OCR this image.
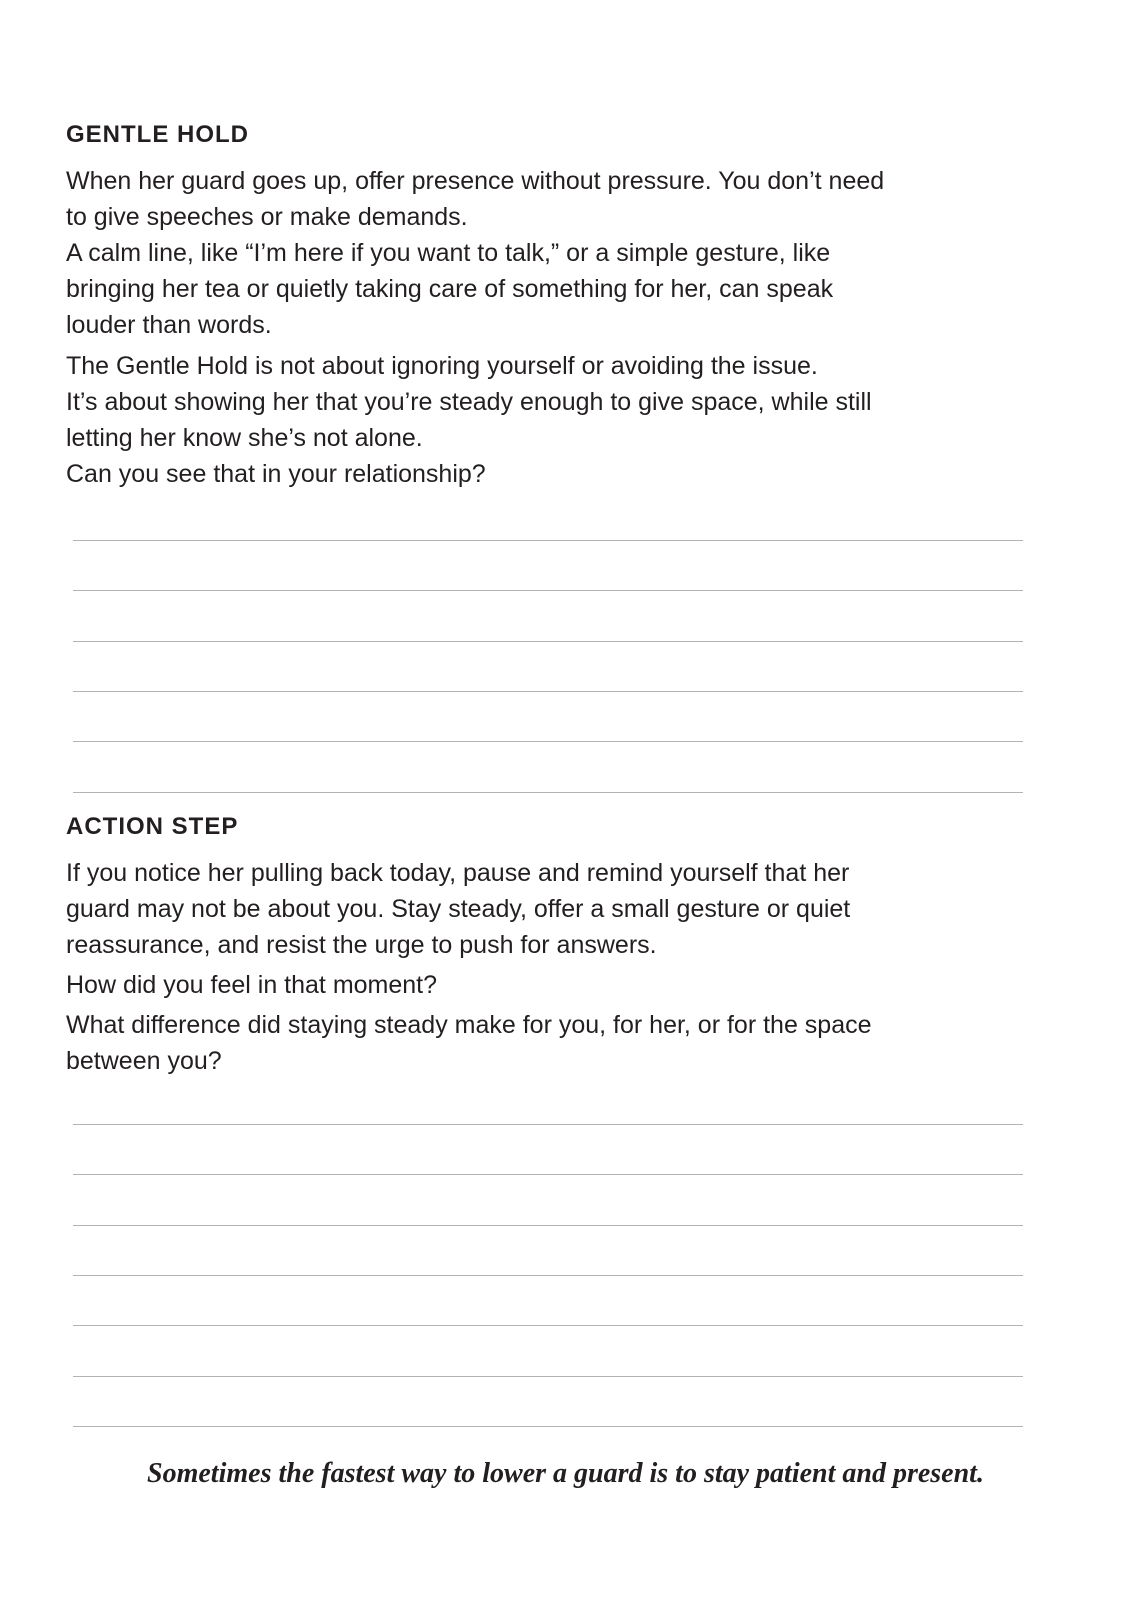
GENTLE HOLD
When her guard goes up, offer presence without pressure. You don’t need
to give speeches or make demands.
A calm line, like “I’m here if you want to talk,” or a simple gesture, like
bringing her tea or quietly taking care of something for her, can speak
louder than words.
The Gentle Hold is not about ignoring yourself or avoiding the issue.
It’s about showing her that you’re steady enough to give space, while still
letting her know she’s not alone.
Can you see that in your relationship?
ACTION STEP
If you notice her pulling back today, pause and remind yourself that her
guard may not be about you. Stay steady, offer a small gesture or quiet
reassurance, and resist the urge to push for answers.
How did you feel in that moment?
What difference did staying steady make for you, for her, or for the space
between you?

Sometimes the fastest way to lower a guard is to stay patient and present.
